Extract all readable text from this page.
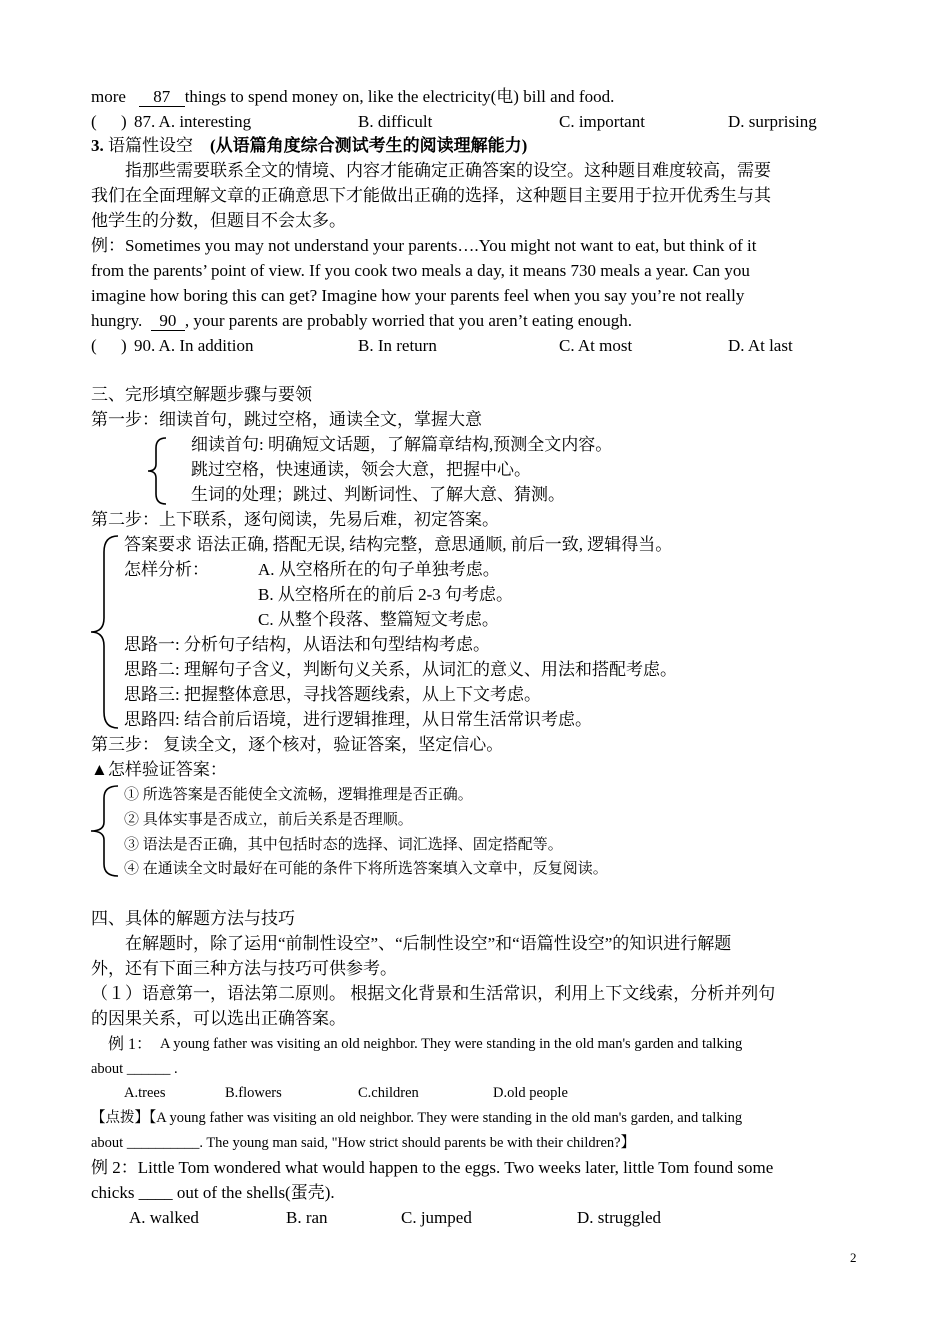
more 87 things to spend money on, like the electricity(电) bill and food.
( ) 87. A. interesting	B. difficult	C. important	D. surprising
3. 语篇性设空 (从语篇角度综合测试考生的阅读理解能力)
指那些需要联系全文的情境、内容才能确定正确答案的设空。这种题目难度较高，需要
我们在全面理解文章的正确意思下才能做出正确的选择，这种题目主要用于拉开优秀生与其
他学生的分数，但题目不会太多。
例：Sometimes you may not understand your parents….You might not want to eat, but think of it
from the parents’ point of view. If you cook two meals a day, it means 730 meals a year. Can you
imagine how boring this can get? Imagine how your parents feel when you say you’re not really
hungry. 90 , your parents are probably worried that you aren’t eating enough.
( ) 90. A. In addition	B. In return	C. At most	D. At last
三、完形填空解题步骤与要领
第一步：细读首句，跳过空格，通读全文，掌握大意
细读首句: 明确短文话题，了解篇章结构,预测全文内容。
跳过空格，快速通读，领会大意，把握中心。
生词的处理；跳过、判断词性、了解大意、猜测。
第二步：上下联系，逐句阅读，先易后难，初定答案。
答案要求 语法正确, 搭配无误, 结构完整，意思通顺, 前后一致, 逻辑得当。
怎样分析：	A. 从空格所在的句子单独考虑。
B. 从空格所在的前后 2-3 句考虑。
C. 从整个段落、整篇短文考虑。
思路一: 分析句子结构，从语法和句型结构考虑。
思路二: 理解句子含义，判断句义关系，从词汇的意义、用法和搭配考虑。
思路三: 把握整体意思，寻找答题线索，从上下文考虑。
思路四: 结合前后语境，进行逻辑推理，从日常生活常识考虑。
第三步： 复读全文，逐个核对，验证答案，坚定信心。
▲怎样验证答案：
① 所选答案是否能使全文流畅，逻辑推理是否正确。
② 具体实事是否成立，前后关系是否理顺。
③ 语法是否正确，其中包括时态的选择、词汇选择、固定搭配等。
④ 在通读全文时最好在可能的条件下将所选答案填入文章中，反复阅读。
四、具体的解题方法与技巧
在解题时，除了运用“前制性设空”、“后制性设空”和“语篇性设空”的知识进行解题
外，还有下面三种方法与技巧可供参考。
（１）语意第一，语法第二原则。 根据文化背景和生活常识，利用上下文线索，分析并列句
的因果关系，可以选出正确答案。
例 1： A young father was visiting an old neighbor. They were standing in the old man's garden and talking
about ______ .
A.trees	B.flowers	C.children	D.old people
【点拨】【A young father was visiting an old neighbor. They were standing in the old man's garden, and talking
about __________. The young man said, "How strict should parents be with their children?】
例 2：Little Tom wondered what would happen to the eggs. Two weeks later, little Tom found some
chicks ____ out of the shells(蛋壳).
A. walked	B. ran	C. jumped	D. struggled
2
